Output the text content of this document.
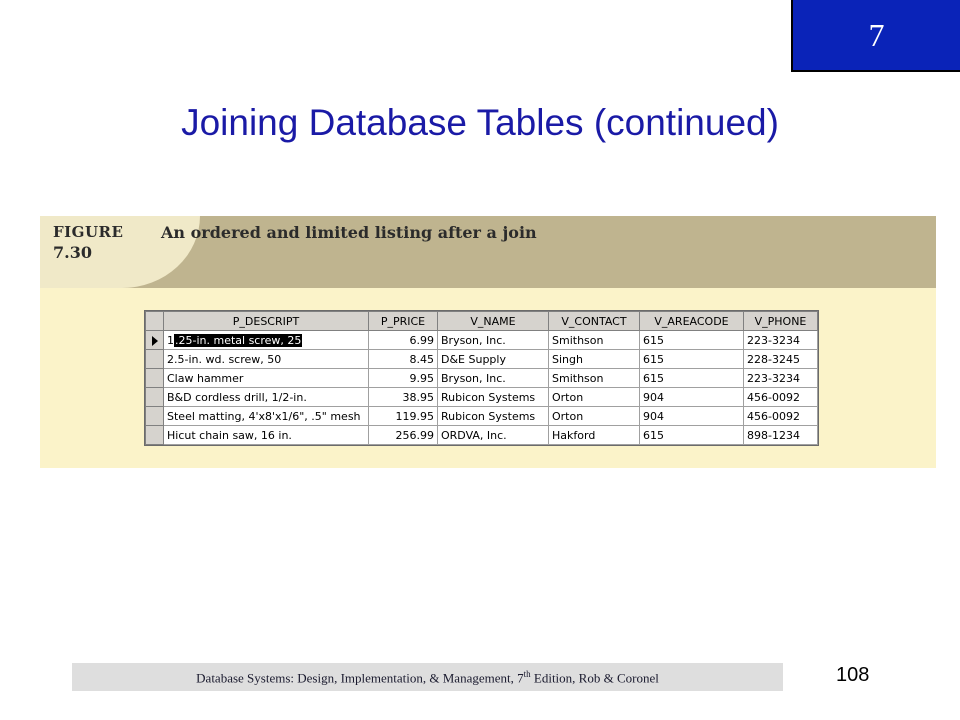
7
Joining Database Tables (continued)
FIGURE
7.30
An ordered and limited listing after a join
	P_DESCRIPT	P_PRICE	V_NAME	V_CONTACT	V_AREACODE	V_PHONE
	1.25-in. metal screw, 25	6.99	Bryson, Inc.	Smithson	615	223-3234
	2.5-in. wd. screw, 50	8.45	D&E Supply	Singh	615	228-3245
	Claw hammer	9.95	Bryson, Inc.	Smithson	615	223-3234
	B&D cordless drill, 1/2-in.	38.95	Rubicon Systems	Orton	904	456-0092
	Steel matting, 4'x8'x1/6", .5" mesh	119.95	Rubicon Systems	Orton	904	456-0092
	Hicut chain saw, 16 in.	256.99	ORDVA, Inc.	Hakford	615	898-1234
Database Systems: Design, Implementation, & Management, 7th Edition, Rob & Coronel	108
